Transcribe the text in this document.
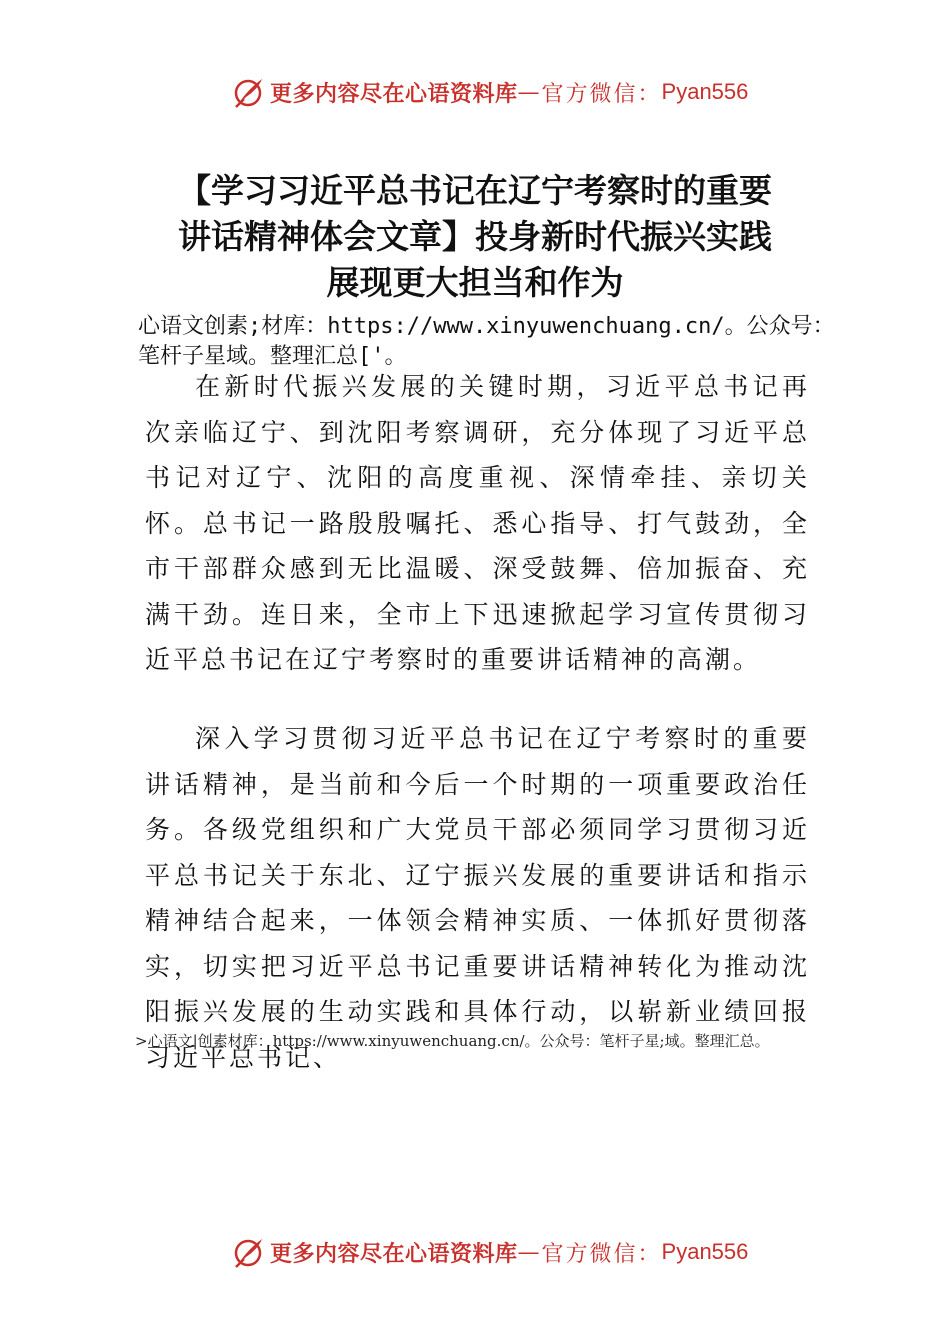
更多内容尽在心语资料库 — 官方微信： Pyan556
【学习习近平总书记在辽宁考察时的重要
讲话精神体会文章】投身新时代振兴实践
展现更大担当和作为
心语文创素;材库：https://www.xinyuwenchuang.cn/。公众号：笔杆子星域。整理汇总['。
在新时代振兴发展的关键时期，习近平总书记再次亲临辽宁、到沈阳考察调研，充分体现了习近平总书记对辽宁、沈阳的高度重视、深情牵挂、亲切关怀。总书记一路殷殷嘱托、悉心指导、打气鼓劲，全市干部群众感到无比温暖、深受鼓舞、倍加振奋、充满干劲。连日来，全市上下迅速掀起学习宣传贯彻习近平总书记在辽宁考察时的重要讲话精神的高潮。
深入学习贯彻习近平总书记在辽宁考察时的重要讲话精神，是当前和今后一个时期的一项重要政治任务。各级党组织和广大党员干部必须同学习贯彻习近平总书记关于东北、辽宁振兴发展的重要讲话和指示精神结合起来，一体领会精神实质、一体抓好贯彻落实，切实把习近平总书记重要讲话精神转化为推动沈阳振兴发展的生动实践和具体行动，以崭新业绩回报习近平总书记、
>心语文|创素材库：https://www.xinyuwenchuang.cn/。公众号：笔杆子星;域。整理汇总。
更多内容尽在心语资料库 — 官方微信： Pyan556
